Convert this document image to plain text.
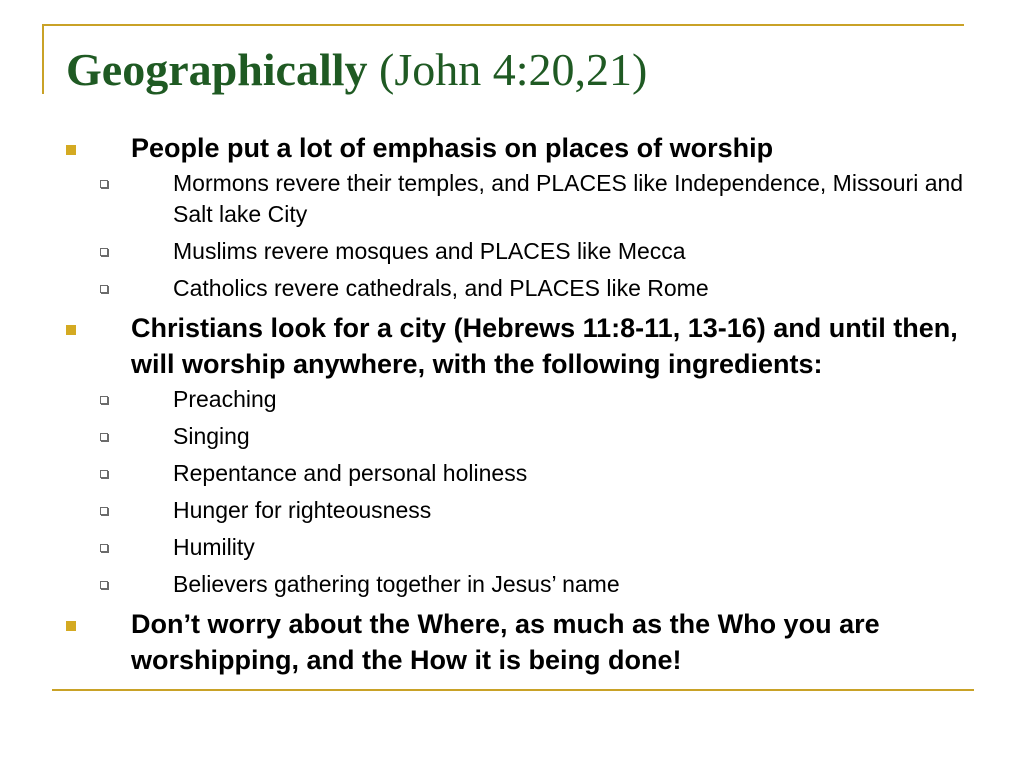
Geographically (John 4:20,21)
People put a lot of emphasis on places of worship
Mormons revere their temples, and PLACES like Independence, Missouri and Salt lake City
Muslims revere mosques and PLACES like Mecca
Catholics revere cathedrals, and PLACES like Rome
Christians look for a city (Hebrews 11:8-11, 13-16) and until then, will worship anywhere, with the following ingredients:
Preaching
Singing
Repentance and personal holiness
Hunger for righteousness
Humility
Believers gathering together in Jesus’ name
Don’t worry about the Where, as much as the Who you are worshipping, and the How it is being done!
